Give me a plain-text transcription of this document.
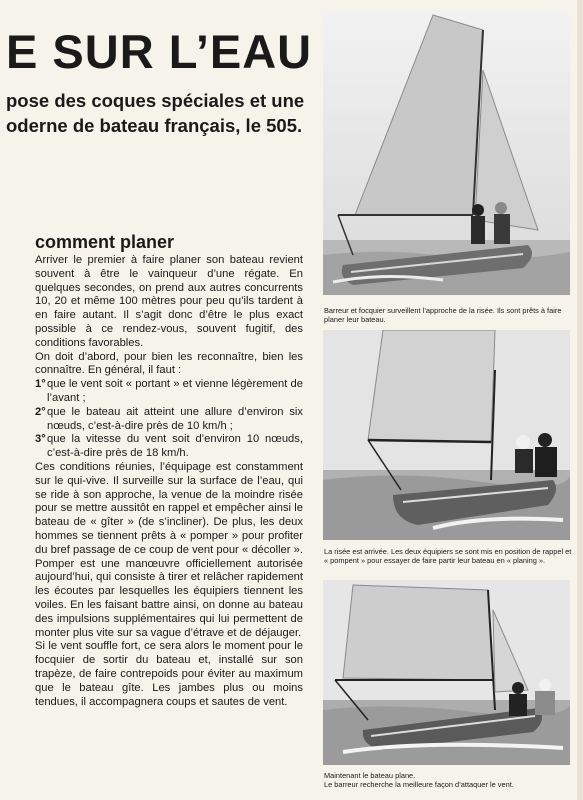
E SUR L’EAU
pose des coques spéciales et une
oderne de bateau français, le 505.
comment planer

Arriver le premier à faire planer son bateau revient souvent à être le vainqueur d’une régate. En quelques secondes, on prend aux autres concurrents 10, 20 et même 100 mètres pour peu qu’ils tardent à en faire autant. Il s’agit donc d’être le plus exact possible à ce rendez-vous, souvent fugitif, des conditions favorables.

On doit d’abord, pour bien les reconnaître, bien les connaître. En général, il faut :

1° que le vent soit « portant » et vienne légèrement de l’avant ;
2° que le bateau ait atteint une allure d’environ six nœuds, c’est-à-dire près de 10 km/h ;
3° que la vitesse du vent soit d’environ 10 nœuds, c’est-à-dire près de 18 km/h.

Ces conditions réunies, l’équipage est constamment sur le qui-vive. Il surveille sur la surface de l’eau, qui se ride à son approche, la venue de la moindre risée pour se mettre aussitôt en rappel et empêcher ainsi le bateau de « gîter » (de s’incliner). De plus, les deux hommes se tiennent prêts à « pomper » pour profiter du bref passage de ce coup de vent pour « décoller ». Pomper est une manœuvre officiellement autorisée aujourd’hui, qui consiste à tirer et relâcher rapidement les écoutes par lesquelles les équipiers tiennent les voiles. En les faisant battre ainsi, on donne au bateau des impulsions supplémentaires qui lui permettent de monter plus vite sur sa vague d’étrave et de déjauger.

Si le vent souffle fort, ce sera alors le moment pour le focquier de sortir du bateau et, installé sur son trapèze, de faire contrepoids pour éviter au maximum que le bateau gîte. Les jambes plus ou moins tendues, il accompagnera coups et sautes de vent.

Barreur et focquier surveillent l’approche de la risée. Ils sont prêts à faire planer leur bateau.
La risée est arrivée. Les deux équipiers se sont mis en position de rappel et « pompent » pour essayer de faire partir leur bateau en « planing ».
Maintenant le bateau plane.
Le barreur recherche la meilleure façon d’attaquer le vent.
